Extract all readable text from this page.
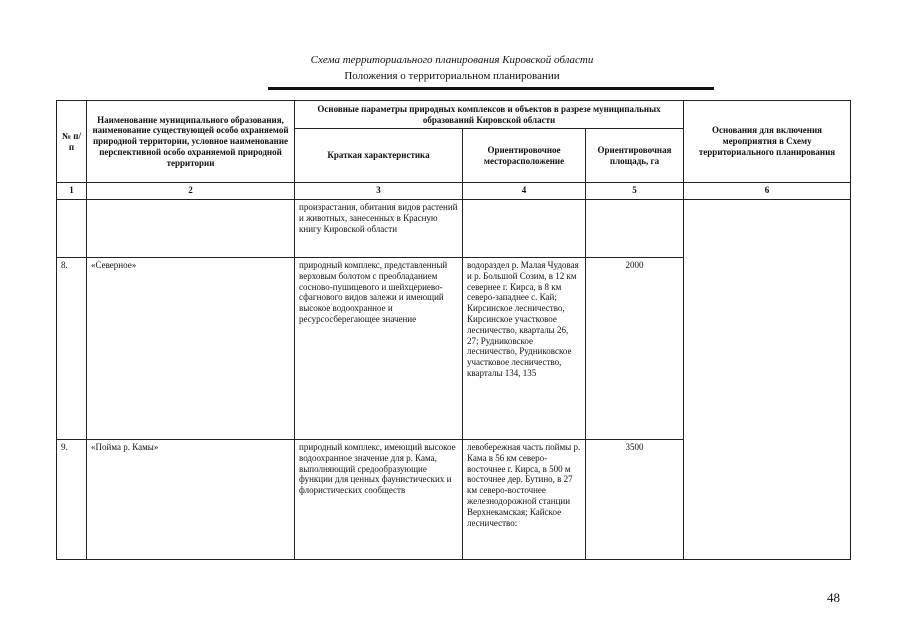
Схема территориального планирования Кировской области
Положения о территориальном планировании
№ п/п	Наименование муниципального образования, наименование существующей особо охраняемой природной территории, условное наименование перспективной особо охраняемой природной территории	Основные параметры природных комплексов и объектов в разрезе муниципальных образований Кировской области			Основания для включения мероприятия в Схему территориального планирования
		Краткая характеристика	Ориентировочное месторасположение	Ориентировочная площадь, га	
1	2	3	4	5	6
		произрастания, обитания видов растений и животных, занесенных в Красную книгу Кировской области			
8.	«Северное»	природный комплекс, представленный верховым болотом с преобладанием сосново-пушицевого и шейхцериево-сфагнового видов залежи и имеющий высокое водоохранное и ресурсосберегающее значение	водораздел р. Малая Чудовая и р. Большой Созим, в 12 км севернее г. Кирса, в 8 км северо-западнее с. Кай; Кирсинское лесничество, Кирсинское участковое лесничество, кварталы 26, 27; Рудниковское лесничество, Рудниковское участковое лесничество, кварталы 134, 135	2000	
9.	«Пойма р. Камы»	природный комплекс, имеющий высокое водоохранное значение для р. Кама, выполняющий средообразующие функции для ценных фаунистических и флористических сообществ	левобережная часть поймы р. Кама в 56 км северо-восточнее г. Кирса, в 500 м восточнее дер. Бутино, в 27 км северо-восточнее железнодорожной станции Верхнекамская; Кайское лесничество:	3500	
48
